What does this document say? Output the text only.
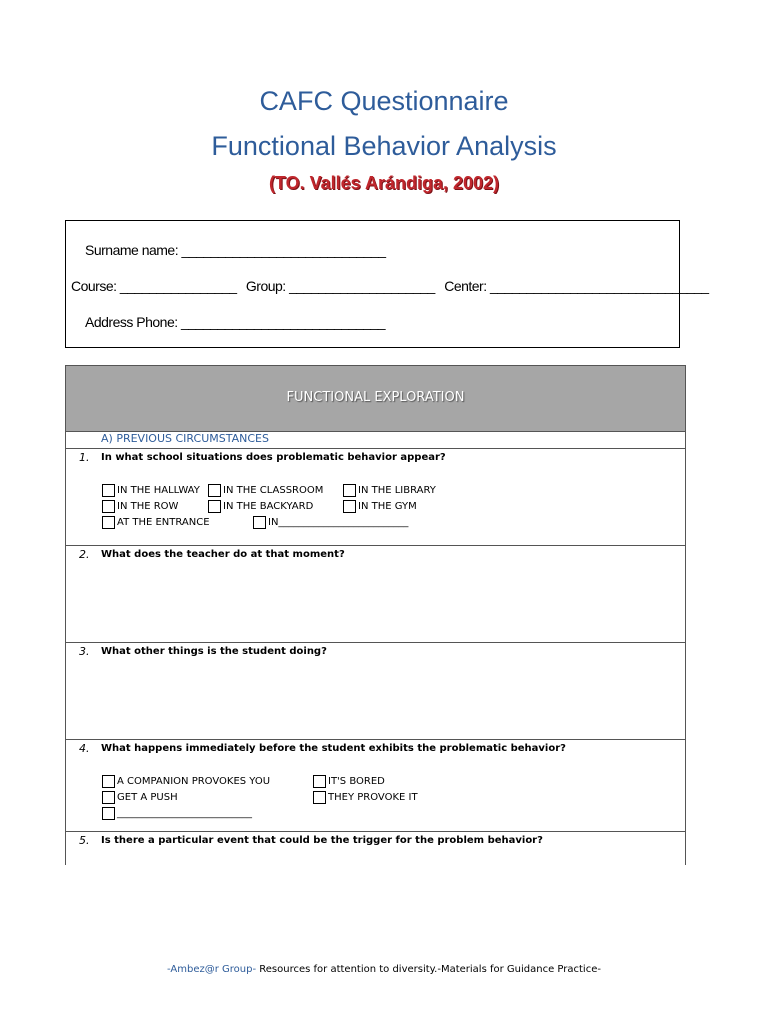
CAFC Questionnaire
Functional Behavior Analysis
(TO. Vallés Arándiga, 2002)
Surname name: ____________________________
Course: ________________ Group: ____________________ Center: ______________________________
Address Phone: ____________________________
FUNCTIONAL EXPLORATION
A) PREVIOUS CIRCUMSTANCES
1. In what school situations does problematic behavior appear?
IN THE HALLWAY	IN THE CLASSROOM	IN THE LIBRARY
IN THE ROW	IN THE BACKYARD	IN THE GYM
AT THE ENTRANCE	IN__________________________
2. What does the teacher do at that moment?
3. What other things is the student doing?
4. What happens immediately before the student exhibits the problematic behavior?
A COMPANION PROVOKES YOU	IT'S BORED
GET A PUSH	THEY PROVOKE IT
___________________________
5. Is there a particular event that could be the trigger for the problem behavior?
-Ambez@r Group- Resources for attention to diversity.-Materials for Guidance Practice-
